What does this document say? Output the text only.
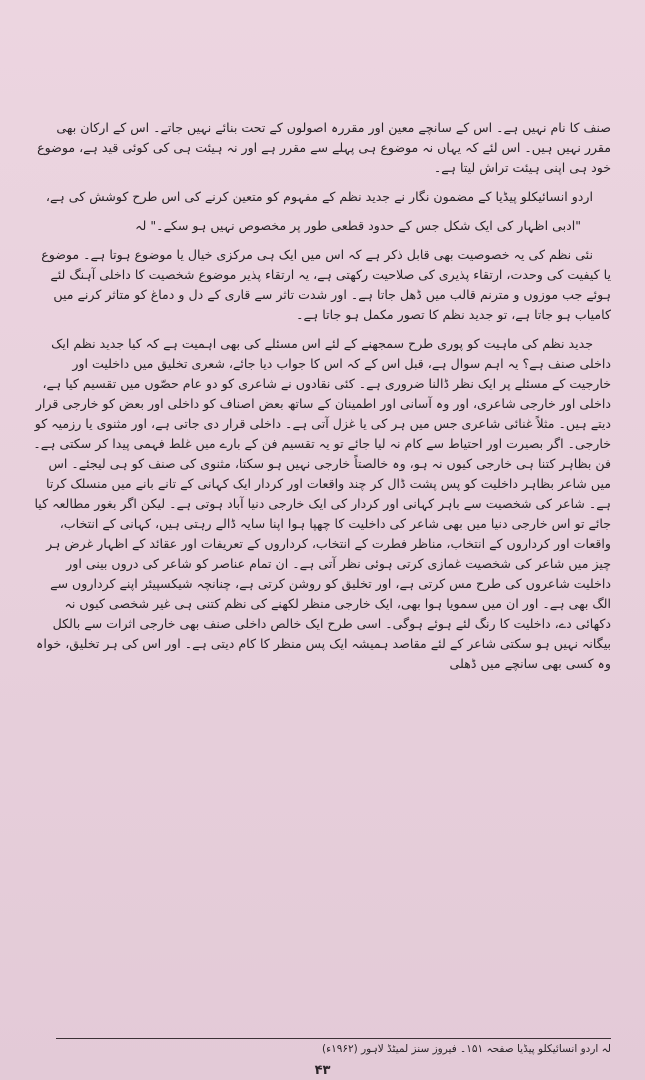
صنف کا نام نہیں ہے۔ اس کے سانچے معین اور مقررہ اصولوں کے تحت بنائے نہیں جاتے۔ اس کے ارکان بھی مقرر نہیں ہیں۔ اس لئے کہ یہاں نہ موضوع ہی پہلے سے مقرر ہے اور نہ ہیئت ہی کی کوئی قید ہے، موضوع خود ہی اپنی ہیئت تراش لیتا ہے۔

اردو انسائیکلو پیڈیا کے مضمون نگار نے جدید نظم کے مفہوم کو متعین کرنے کی اس طرح کوشش کی ہے،

"ادبی اظہار کی ایک شکل جس کے حدود قطعی طور پر مخصوص نہیں ہو سکے۔" لہ

نئی نظم کی یہ خصوصیت بھی قابل ذکر ہے کہ اس میں ایک ہی مرکزی خیال یا موضوع ہوتا ہے۔ موضوع یا کیفیت کی وحدت، ارتقاء پذیری کی صلاحیت رکھتی ہے، یہ ارتقاء پذیر موضوع شخصیت کا داخلی آہنگ لئے ہوئے جب موزوں و مترنم قالب میں ڈھل جاتا ہے۔ اور شدت تاثر سے قاری کے دل و دماغ کو متاثر کرنے میں کامیاب ہو جاتا ہے، تو جدید نظم کا تصور مکمل ہو جاتا ہے۔

جدید نظم کی ماہیت کو پوری طرح سمجھنے کے لئے اس مسئلے کی بھی اہمیت ہے کہ کیا جدید نظم ایک داخلی صنف ہے؟ یہ اہم سوال ہے، قبل اس کے کہ اس کا جواب دیا جائے، شعری تخلیق میں داخلیت اور خارجیت کے مسئلے پر ایک نظر ڈالنا ضروری ہے۔ کئی نقادوں نے شاعری کو دو عام حصّوں میں تقسیم کیا ہے، داخلی اور خارجی شاعری، اور وہ آسانی اور اطمینان کے ساتھ بعض اصناف کو داخلی اور بعض کو خارجی قرار دیتے ہیں۔ مثلاً غنائی شاعری جس میں ہر کی یا غزل آتی ہے۔ داخلی قرار دی جاتی ہے، اور مثنوی یا رزمیہ کو خارجی۔ اگر بصیرت اور احتیاط سے کام نہ لیا جائے تو یہ تقسیم فن کے بارے میں غلط فہمی پیدا کر سکتی ہے۔ فن بظاہر کتنا ہی خارجی کیوں نہ ہو، وہ خالصتاً خارجی نہیں ہو سکتا، مثنوی کی صنف کو ہی لیجئے۔ اس میں شاعر بظاہر داخلیت کو پس پشت ڈال کر چند واقعات اور کردار ایک کہانی کے تانے بانے میں منسلک کرتا ہے۔ شاعر کی شخصیت سے باہر کہانی اور کردار کی ایک خارجی دنیا آباد ہوتی ہے۔ لیکن اگر بغور مطالعہ کیا جائے تو اس خارجی دنیا میں بھی شاعر کی داخلیت کا چھپا ہوا اپنا سایہ ڈالے رہتی ہیں، کہانی کے انتخاب، واقعات اور کرداروں کے انتخاب، مناظر فطرت کے انتخاب، کرداروں کے تعریفات اور عقائد کے اظہار غرض ہر چیز میں شاعر کی شخصیت غمازی کرتی ہوئی نظر آتی ہے۔ ان تمام عناصر کو شاعر کی دروں بینی اور داخلیت شاعروں کی طرح مس کرتی ہے، اور تخلیق کو روشن کرتی ہے، چنانچہ شیکسپیئر اپنے کرداروں سے الگ بھی ہے۔ اور ان میں سمویا ہوا بھی، ایک خارجی منظر لکھنے کی نظم کتنی ہی غیر شخصی کیوں نہ دکھائی دے، داخلیت کا رنگ لئے ہوئے ہوگی۔ اسی طرح ایک خالص داخلی صنف بھی خارجی اثرات سے بالکل بیگانہ نہیں ہو سکتی شاعر کے لئے مقاصد ہمیشہ ایک پس منظر کا کام دیتی ہے۔ اور اس کی ہر تخلیق، خواہ وہ کسی بھی سانچے میں ڈھلی

لہ اردو انسائیکلو پیڈیا صفحہ ۱۵۱۔ فیروز سنز لمیٹڈ لاہور (۱۹۶۲ء)
۴۳
